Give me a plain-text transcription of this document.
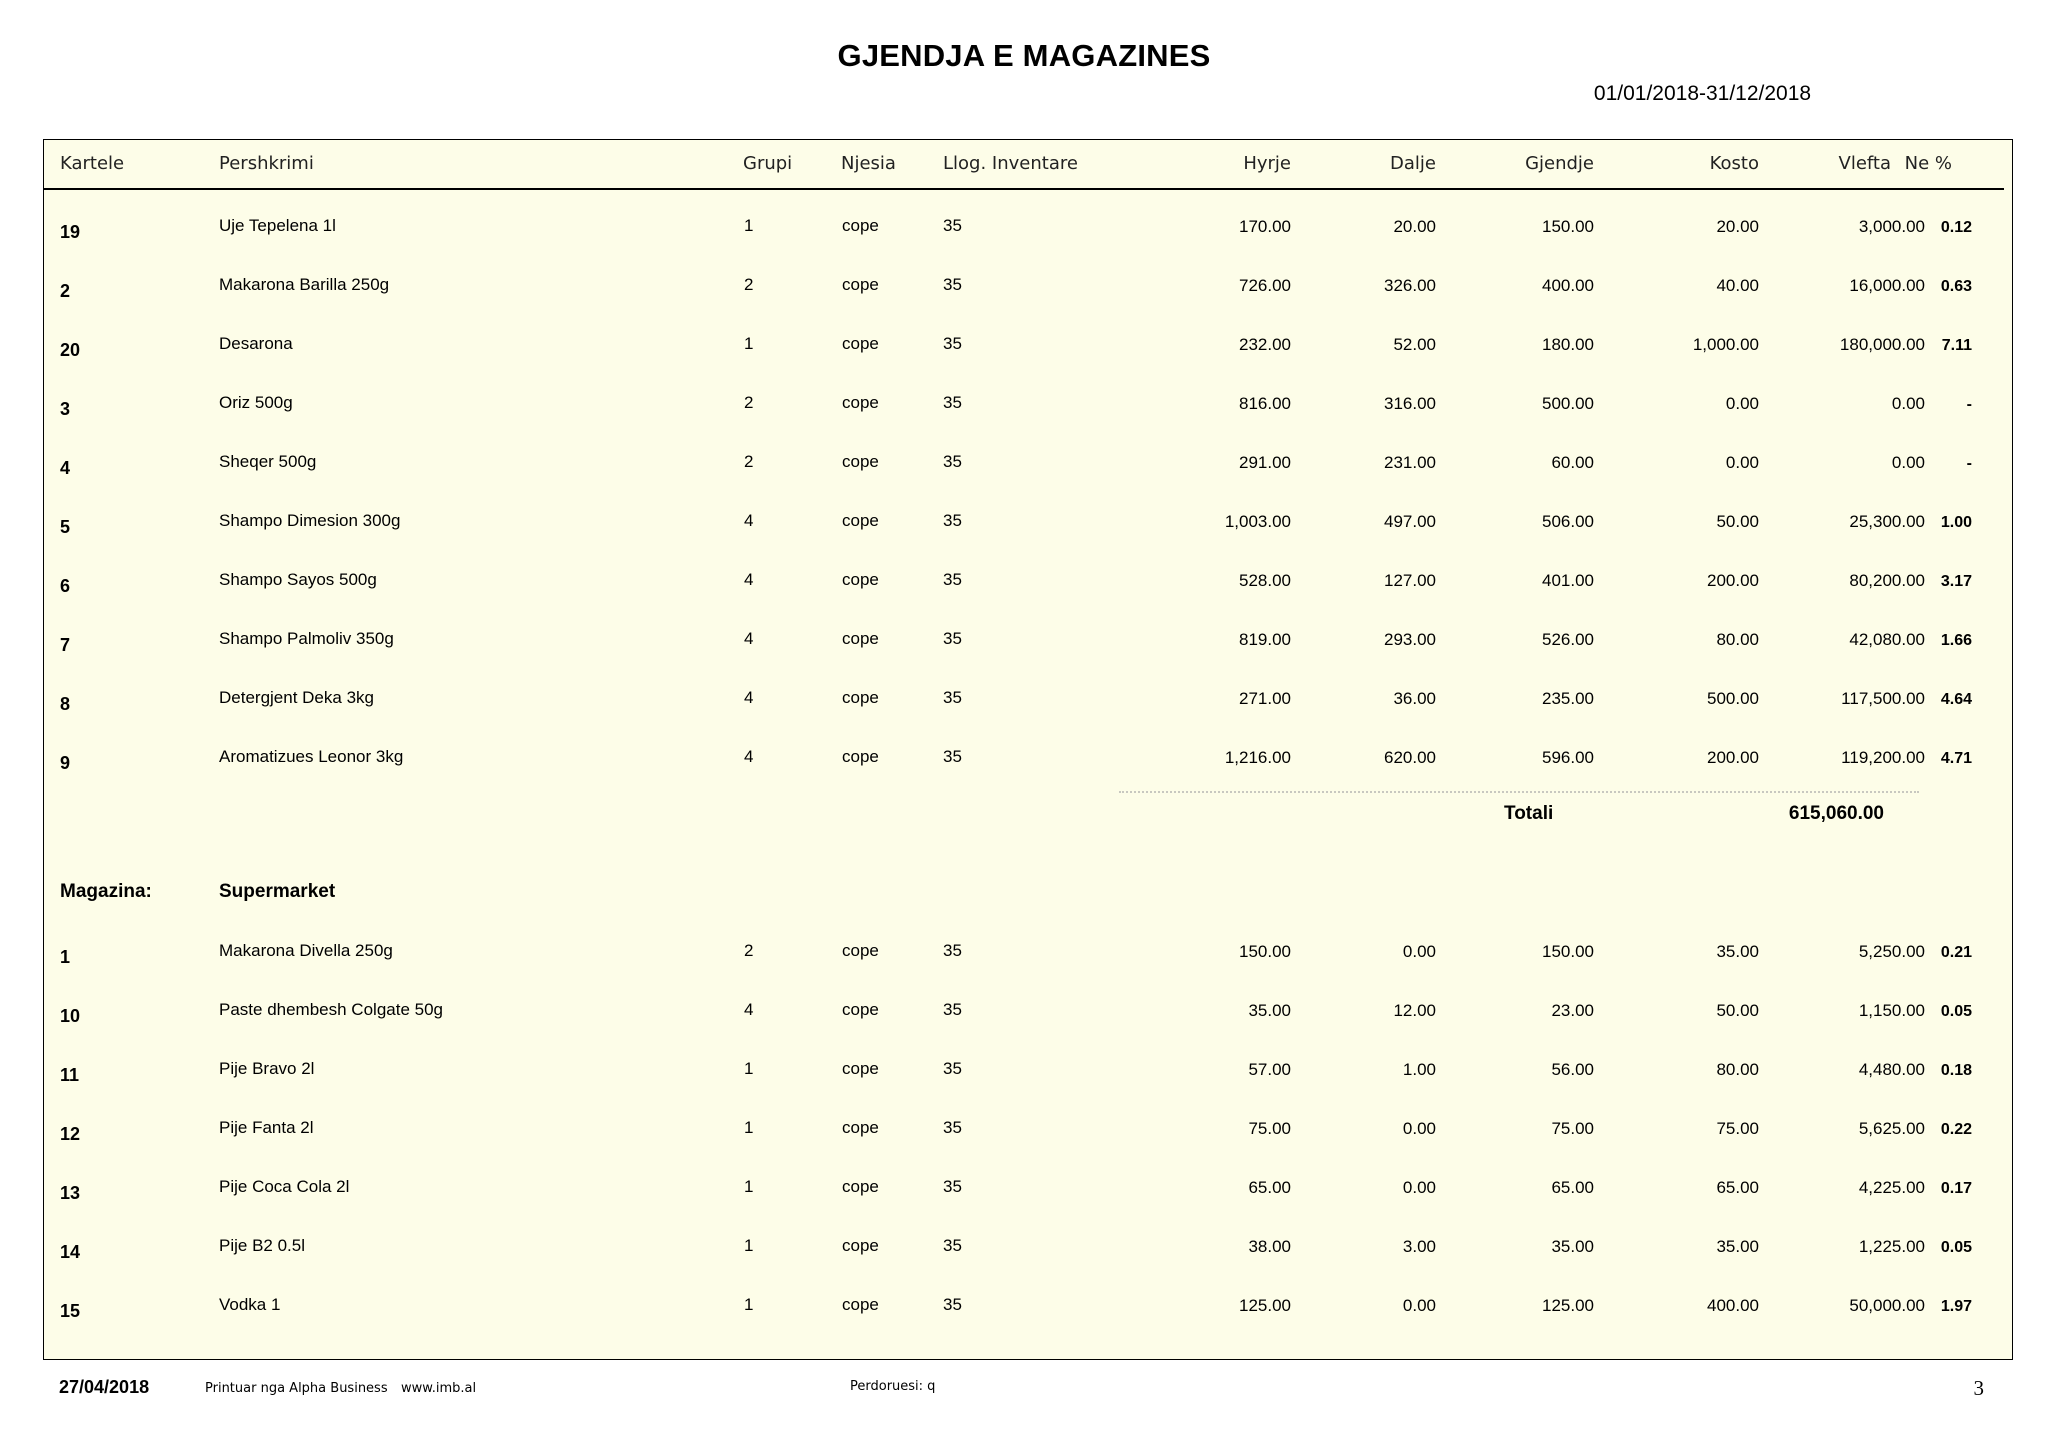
GJENDJA E MAGAZINES
01/01/2018-31/12/2018
Kartele	Pershkrimi	Grupi	Njesia	Llog. Inventare	Hyrje	Dalje	Gjendje	Kosto	Vlefta Ne %
19	Uje Tepelena 1l	1	cope	35	170.00	20.00	150.00	20.00	3,000.00 0.12
2	Makarona Barilla 250g	2	cope	35	726.00	326.00	400.00	40.00	16,000.00 0.63
20	Desarona	1	cope	35	232.00	52.00	180.00	1,000.00	180,000.00 7.11
3	Oriz 500g	2	cope	35	816.00	316.00	500.00	0.00	0.00	-
4	Sheqer 500g	2	cope	35	291.00	231.00	60.00	0.00	0.00	-
5	Shampo Dimesion 300g	4	cope	35	1,003.00	497.00	506.00	50.00	25,300.00 1.00
6	Shampo Sayos 500g	4	cope	35	528.00	127.00	401.00	200.00	80,200.00 3.17
7	Shampo Palmoliv 350g	4	cope	35	819.00	293.00	526.00	80.00	42,080.00 1.66
8	Detergjent Deka 3kg	4	cope	35	271.00	36.00	235.00	500.00	117,500.00 4.64
9	Aromatizues Leonor 3kg	4	cope	35	1,216.00	620.00	596.00	200.00	119,200.00 4.71
Totali	615,060.00
Magazina:	Supermarket
1	Makarona Divella 250g	2	cope	35	150.00	0.00	150.00	35.00	5,250.00 0.21
10	Paste dhembesh Colgate 50g	4	cope	35	35.00	12.00	23.00	50.00	1,150.00 0.05
11	Pije Bravo 2l	1	cope	35	57.00	1.00	56.00	80.00	4,480.00 0.18
12	Pije Fanta 2l	1	cope	35	75.00	0.00	75.00	75.00	5,625.00 0.22
13	Pije Coca Cola 2l	1	cope	35	65.00	0.00	65.00	65.00	4,225.00 0.17
14	Pije B2 0.5l	1	cope	35	38.00	3.00	35.00	35.00	1,225.00 0.05
15	Vodka 1	1	cope	35	125.00	0.00	125.00	400.00	50,000.00 1.97
27/04/2018	Printuar nga Alpha Business www.imb.al	Perdoruesi: q	3
